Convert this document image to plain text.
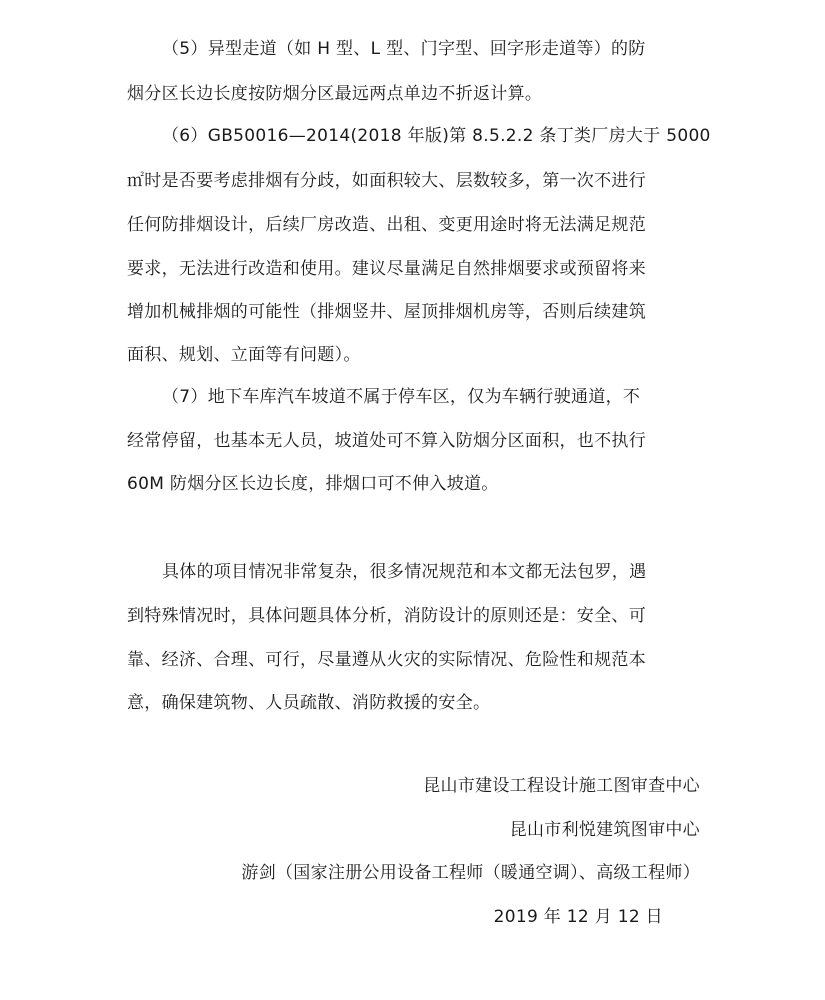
（5）异型走道（如 H 型、L 型、门字型、回字形走道等）的防
烟分区长边长度按防烟分区最远两点单边不折返计算。
（6）GB50016—2014(2018 年版)第 8.5.2.2 条丁类厂房大于 5000
㎡时是否要考虑排烟有分歧，如面积较大、层数较多，第一次不进行
任何防排烟设计，后续厂房改造、出租、变更用途时将无法满足规范
要求，无法进行改造和使用。建议尽量满足自然排烟要求或预留将来
增加机械排烟的可能性（排烟竖井、屋顶排烟机房等，否则后续建筑
面积、规划、立面等有问题）。
（7）地下车库汽车坡道不属于停车区，仅为车辆行驶通道，不
经常停留，也基本无人员，坡道处可不算入防烟分区面积，也不执行
60M 防烟分区长边长度，排烟口可不伸入坡道。
具体的项目情况非常复杂，很多情况规范和本文都无法包罗，遇
到特殊情况时，具体问题具体分析，消防设计的原则还是：安全、可
靠、经济、合理、可行，尽量遵从火灾的实际情况、危险性和规范本
意，确保建筑物、人员疏散、消防救援的安全。
昆山市建设工程设计施工图审查中心
昆山市利悦建筑图审中心
游剑（国家注册公用设备工程师（暖通空调）、高级工程师）
2019 年 12 月 12 日
